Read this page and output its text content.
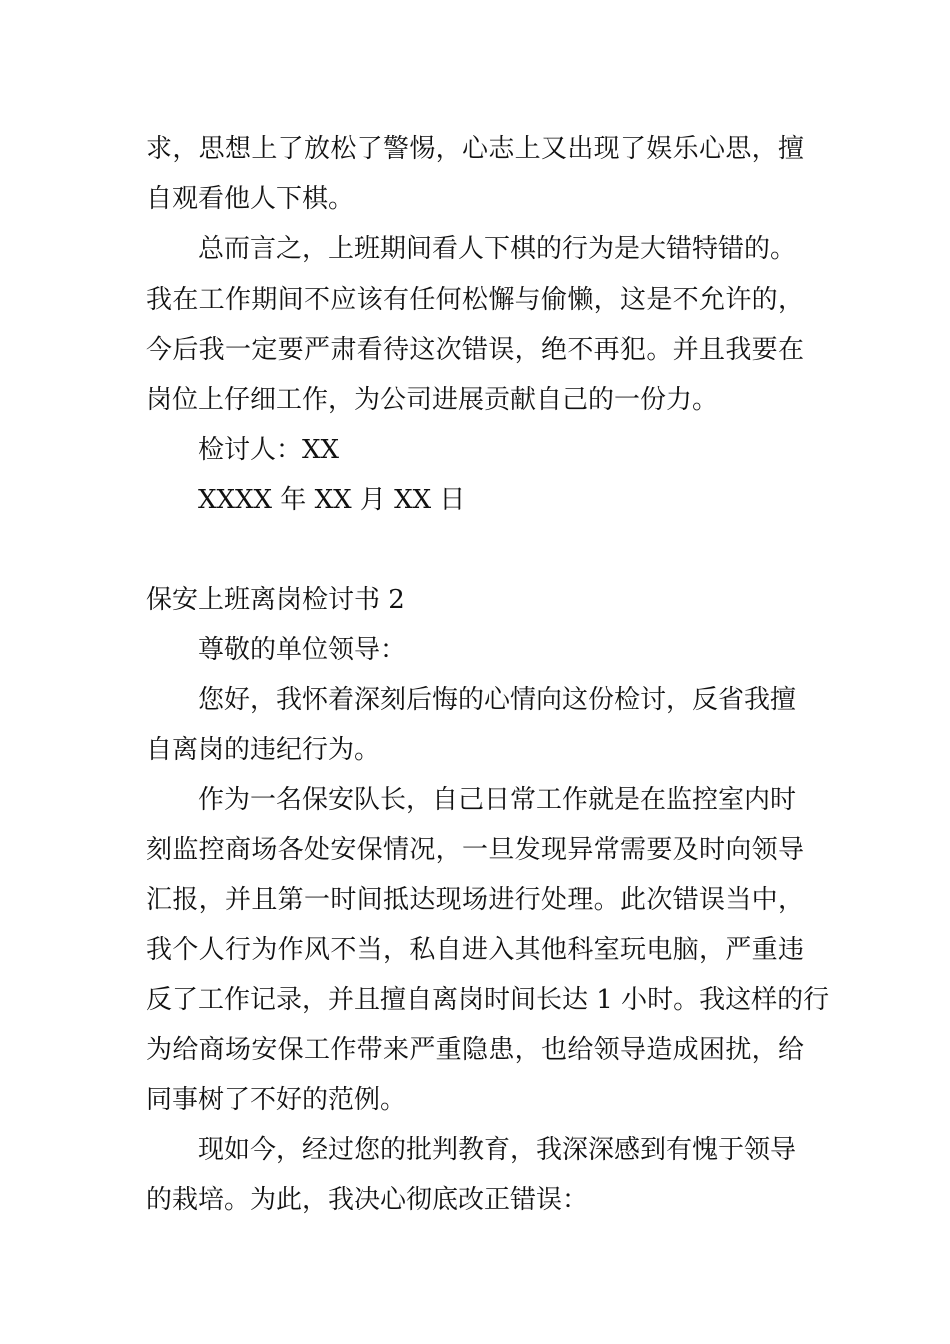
求，思想上了放松了警惕，心志上又出现了娱乐心思，擅
自观看他人下棋。
总而言之，上班期间看人下棋的行为是大错特错的。
我在工作期间不应该有任何松懈与偷懒，这是不允许的，
今后我一定要严肃看待这次错误，绝不再犯。并且我要在
岗位上仔细工作，为公司进展贡献自己的一份力。
检讨人：XX
XXXX 年 XX 月 XX 日
保安上班离岗检讨书 2
尊敬的单位领导：
您好，我怀着深刻后悔的心情向这份检讨，反省我擅
自离岗的违纪行为。
作为一名保安队长，自己日常工作就是在监控室内时
刻监控商场各处安保情况，一旦发现异常需要及时向领导
汇报，并且第一时间抵达现场进行处理。此次错误当中，
我个人行为作风不当，私自进入其他科室玩电脑，严重违
反了工作记录，并且擅自离岗时间长达 1 小时。我这样的行
为给商场安保工作带来严重隐患，也给领导造成困扰，给
同事树了不好的范例。
现如今，经过您的批判教育，我深深感到有愧于领导
的栽培。为此，我决心彻底改正错误：
